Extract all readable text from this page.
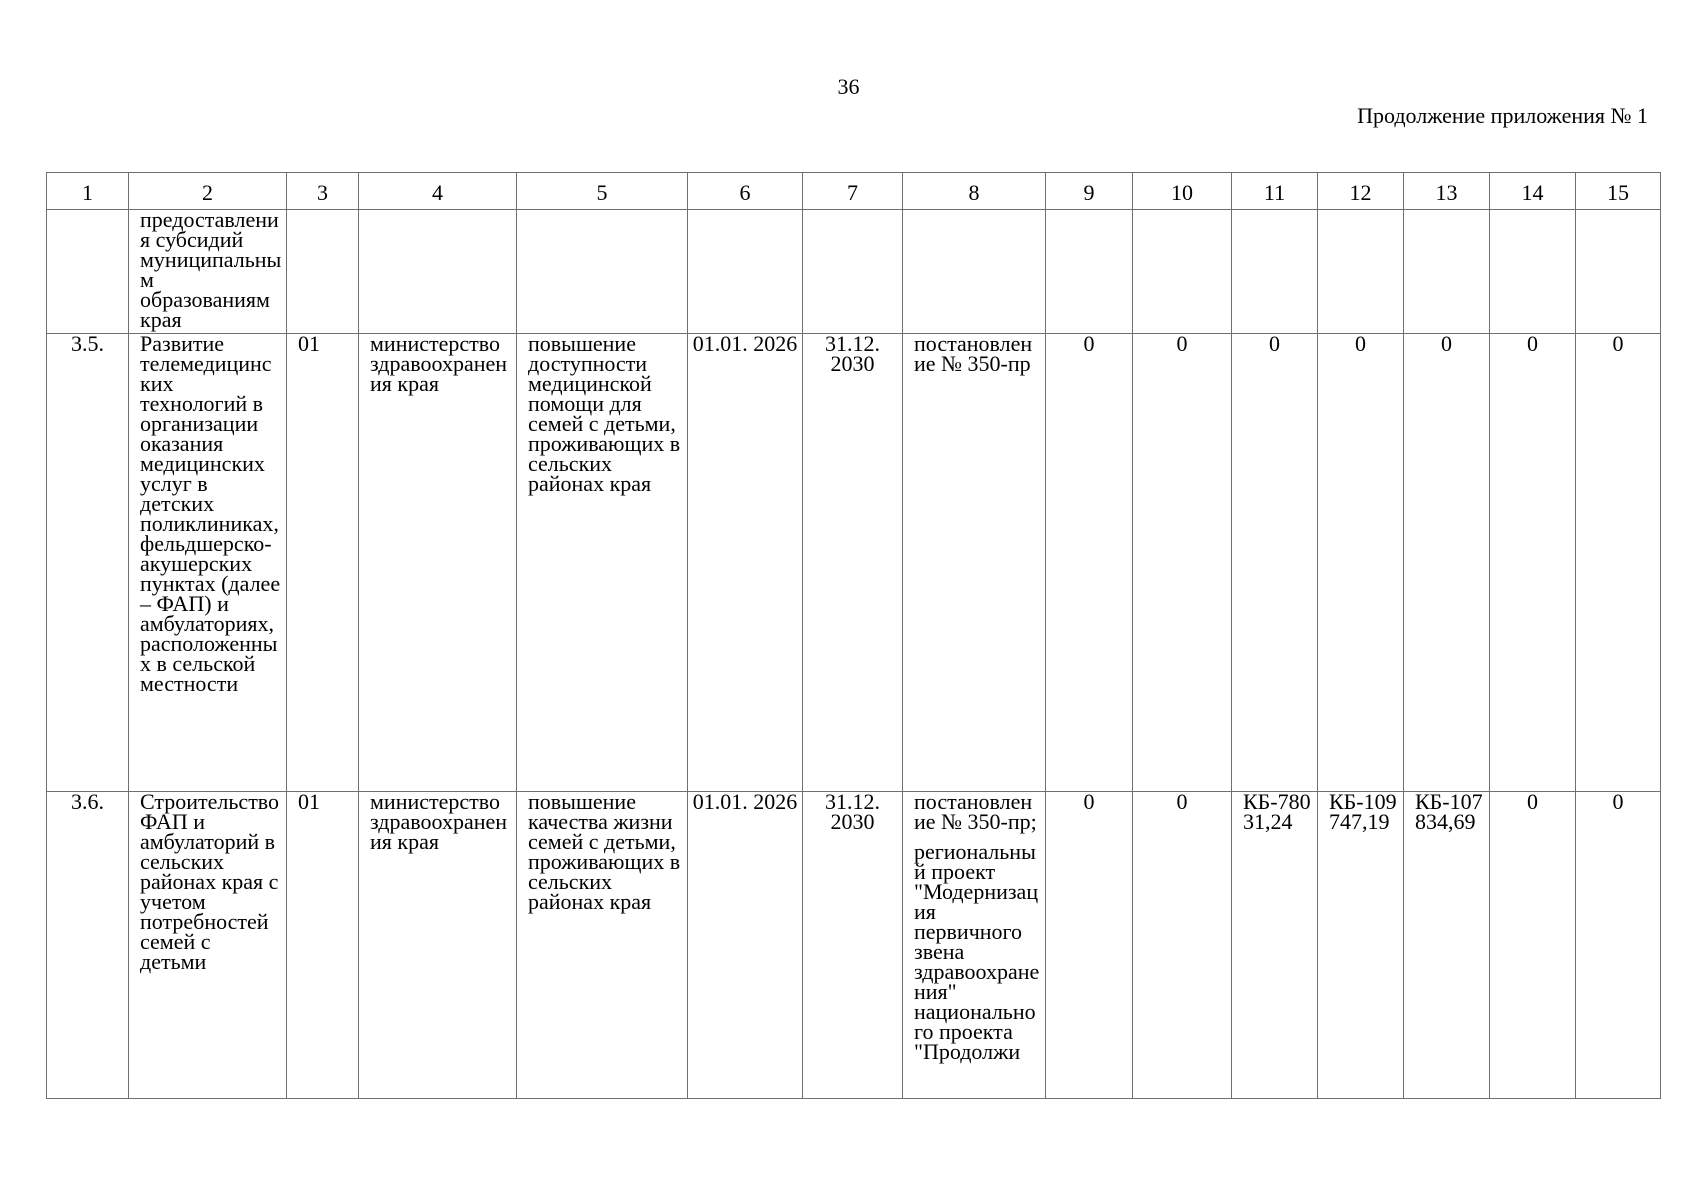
36
Продолжение приложения № 1
1	2	3	4	5	6	7	8	9	10	11	12	13	14	15
	предоставления субсидий муниципальным образованиям края						

3.5.	Развитие телемедицинских технологий в организации оказания медицинских услуг в детских поликлиниках, фельдшерско-акушерских пунктах (далее – ФАП) и амбулаториях, расположенных в сельской местности	01	министерство здравоохранения края	повышение доступности медицинской помощи для семей с детьми, проживающих в сельских районах края	01.01. 2026	31.12. 2030	постановление № 350-пр	0	0	0	0	0	0	0
3.6.	Строительство ФАП и амбулаторий в сельских районах края с учетом потребностей семей с детьми	01	министерство здравоохранения края	повышение качества жизни семей с детьми, проживающих в сельских районах края	01.01. 2026	31.12. 2030	постановление № 350-пр;
региональный проект "Модернизация первичного звена здравоохранения" национального проекта "Продолжи	0	0	КБ-78031,24	КБ-109747,19	КБ-107834,69	0	0
